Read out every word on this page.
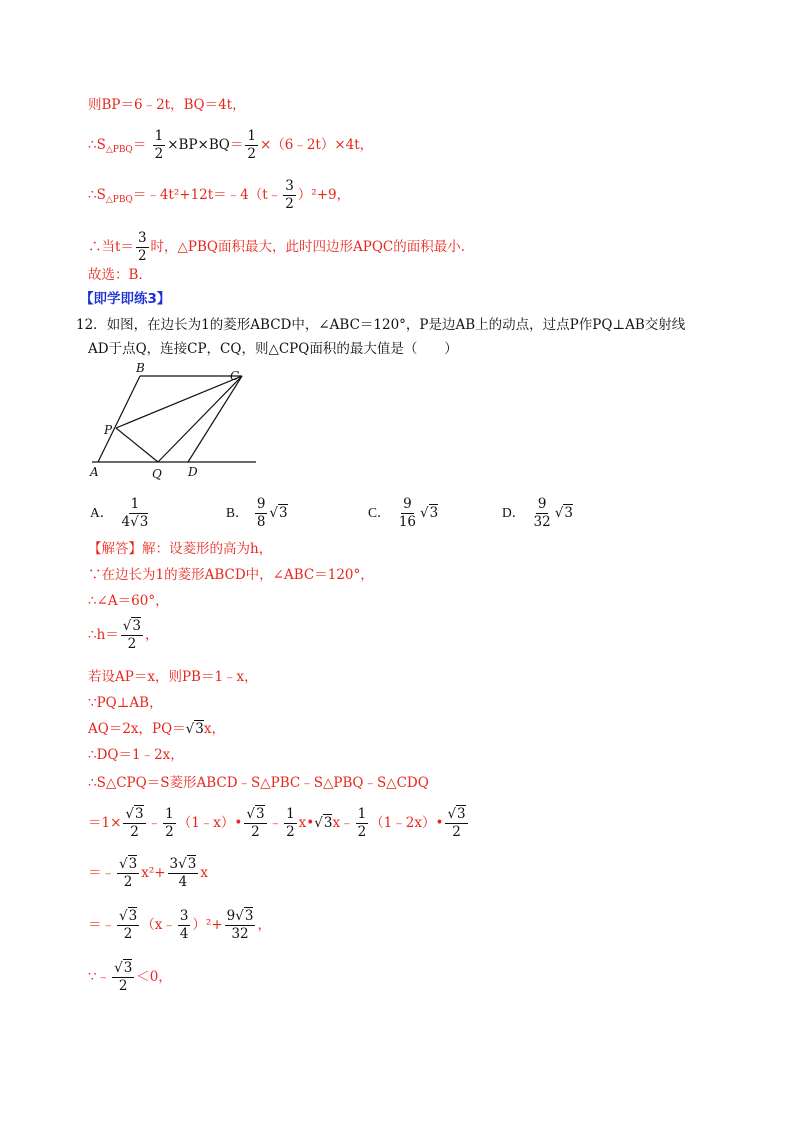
则BP＝6﹣2t，BQ＝4t，
$\therefore S_{\triangle PBQ}= \frac{1}{2} \times BP\times BQ= \frac{1}{2}$ ×（6﹣2t）×4t，
$\therefore S_{\triangle PBQ}=﹣4t^2+12t=﹣4(t﹣ \frac{3}{2} )^2+9$，
∴当$t= \frac{3}{2}$ 时，△PBQ面积最大，此时四边形APQC的面积最小．
故选：B．
【即学即练3】
12．如图，在边长为1的菱形ABCD中，∠ABC＝120°，P是边AB上的动点，过点P作PQ⊥AB交射线
AD于点Q，连接CP，CQ，则△CPQ面积的最大值是（　　）
B
C
P
A	Q D
A． $\frac{1}{4√3}$	B． $\frac{9}{8} √3$	C． $\frac{9}{16} √3$	D． $\frac{9}{32} √3$
【解答】解：设菱形的高为h，
∵在边长为1的菱形ABCD中，∠ABC＝120°，
∴∠A＝60°，
∴h＝ $\frac{√3}{2}$ ，
若设AP＝x，则PB＝1﹣x，
∵PQ⊥AB，
AQ＝2x，PQ＝√3x，
∴DQ＝1﹣2x，
∴S△CPQ＝S菱形ABCD﹣S△PBC﹣S△PBQ﹣S△CDQ
$=1\times \frac{√3}{2}$ ﹣ $\frac{1}{2}$ （1﹣x）• $\frac{√3}{2}$ ﹣ $\frac{1}{2}$ x•√3x﹣ $\frac{1}{2}$ （1﹣2x）• $\frac{√3}{2}$
＝﹣ $\frac{√3}{2} x^2+ \frac{3√3}{4}$ x
＝﹣ $\frac{√3}{2}$ （x﹣ $\frac{3}{4} )^2+ \frac{9√3}{32}$ ，
∵﹣ $\frac{√3}{2} <0$，
